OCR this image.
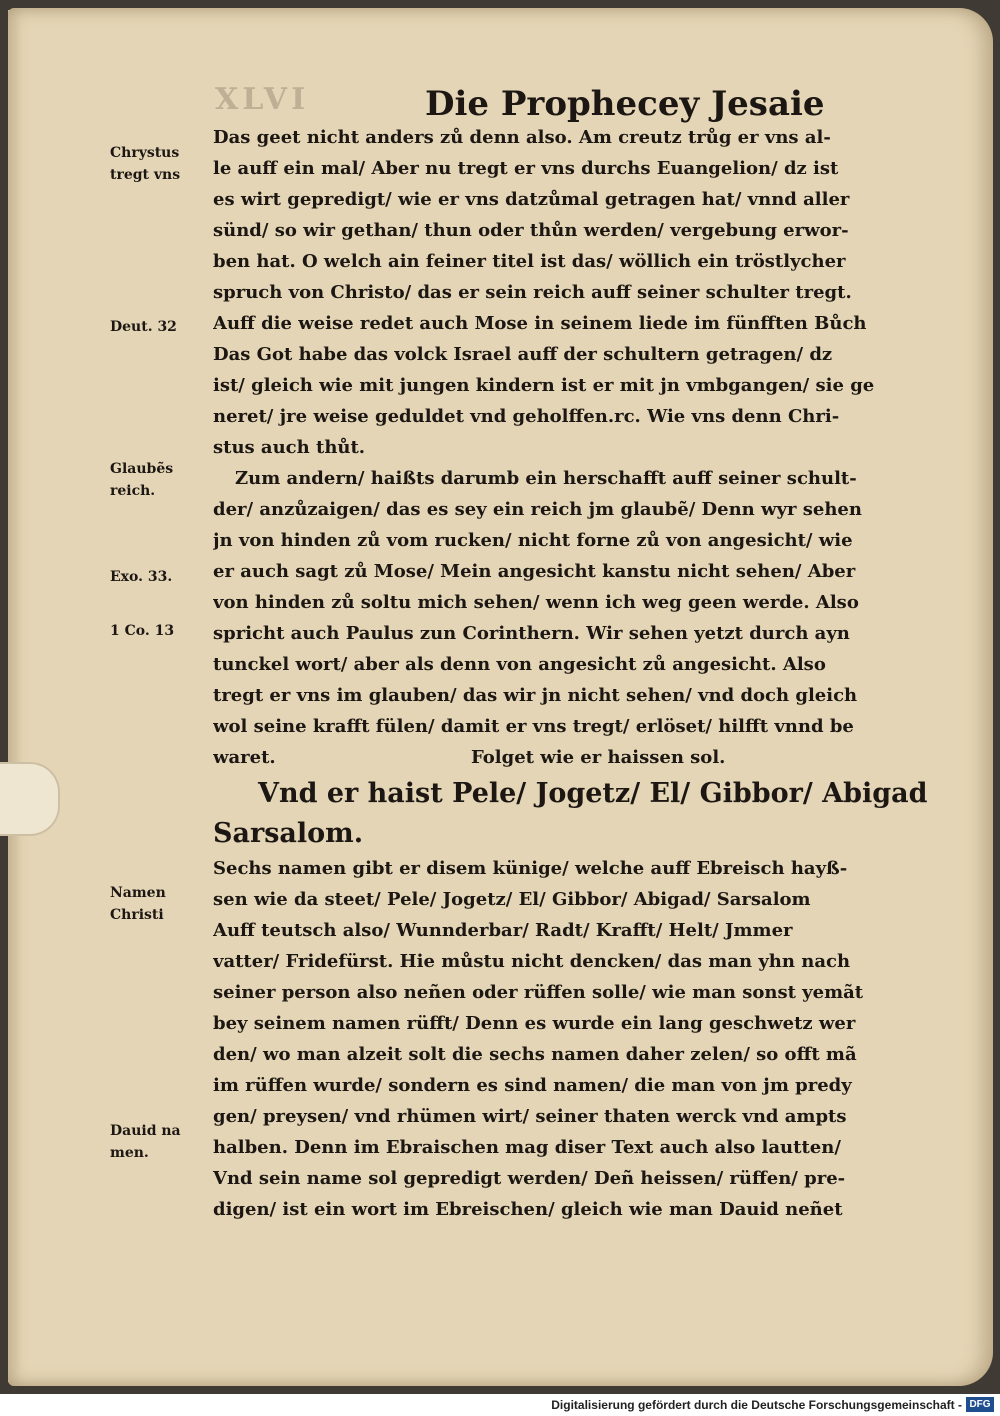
XLVI	Die Prophecey Jesaie
Das geet nicht anders zů denn also. Am creutz trůg er vns al-
le auff ein mal/ Aber nu tregt er vns durchs Euangelion/ dz ist
es wirt gepredigt/ wie er vns datzůmal getragen hat/ vnnd aller
sünd/ so wir gethan/ thun oder thůn werden/ vergebung erwor-
ben hat. O welch ain feiner titel ist das/ wöllich ein tröstlycher
spruch von Christo/ das er sein reich auff seiner schulter tregt.
Auff die weise redet auch Mose in seinem liede im fünfften Bůch
Das Got habe das volck Israel auff der schultern getragen/ dz
ist/ gleich wie mit jungen kindern ist er mit jn vmbgangen/ sie ge
neret/ jre weise geduldet vnd geholffen.rc. Wie vns denn Chri-
stus auch thůt.
Zum andern/ haißts darumb ein herschafft auff seiner schult-
der/ anzůzaigen/ das es sey ein reich jm glaubẽ/ Denn wyr sehen
jn von hinden zů vom rucken/ nicht forne zů von angesicht/ wie
er auch sagt zů Mose/ Mein angesicht kanstu nicht sehen/ Aber
von hinden zů soltu mich sehen/ wenn ich weg geen werde. Also
spricht auch Paulus zun Corinthern. Wir sehen yetzt durch ayn
tunckel wort/ aber als denn von angesicht zů angesicht. Also
tregt er vns im glauben/ das wir jn nicht sehen/ vnd doch gleich
wol seine krafft fülen/ damit er vns tregt/ erlöset/ hilfft vnnd be
waret.	Folget wie er haissen sol.
Vnd er haist Pele/ Jogetz/ El/ Gibbor/ Abigad
Sarsalom.
Sechs namen gibt er disem künige/ welche auff Ebreisch hayß-
sen wie da steet/ Pele/ Jogetz/ El/ Gibbor/ Abigad/ Sarsalom
Auff teutsch also/ Wunnderbar/ Radt/ Krafft/ Helt/ Jmmer
vatter/ Fridefürst. Hie můstu nicht dencken/ das man yhn nach
seiner person also neñen oder rüffen solle/ wie man sonst yemãt
bey seinem namen rüfft/ Denn es wurde ein lang geschwetz wer
den/ wo man alzeit solt die sechs namen daher zelen/ so offt mã
im rüffen wurde/ sondern es sind namen/ die man von jm predy
gen/ preysen/ vnd rhümen wirt/ seiner thaten werck vnd ampts
halben. Denn im Ebraischen mag diser Text auch also lautten/
Vnd sein name sol gepredigt werden/ Deñ heissen/ rüffen/ pre-
digen/ ist ein wort im Ebreischen/ gleich wie man Dauid neñet
Chrystus
tregt vns
Deut. 32
Glaubẽs
reich.
Exo. 33.
1 Co. 13
Namen
Christi
Dauid na
men.
Digitalisierung gefördert durch die Deutsche Forschungsgemeinschaft - DFG
